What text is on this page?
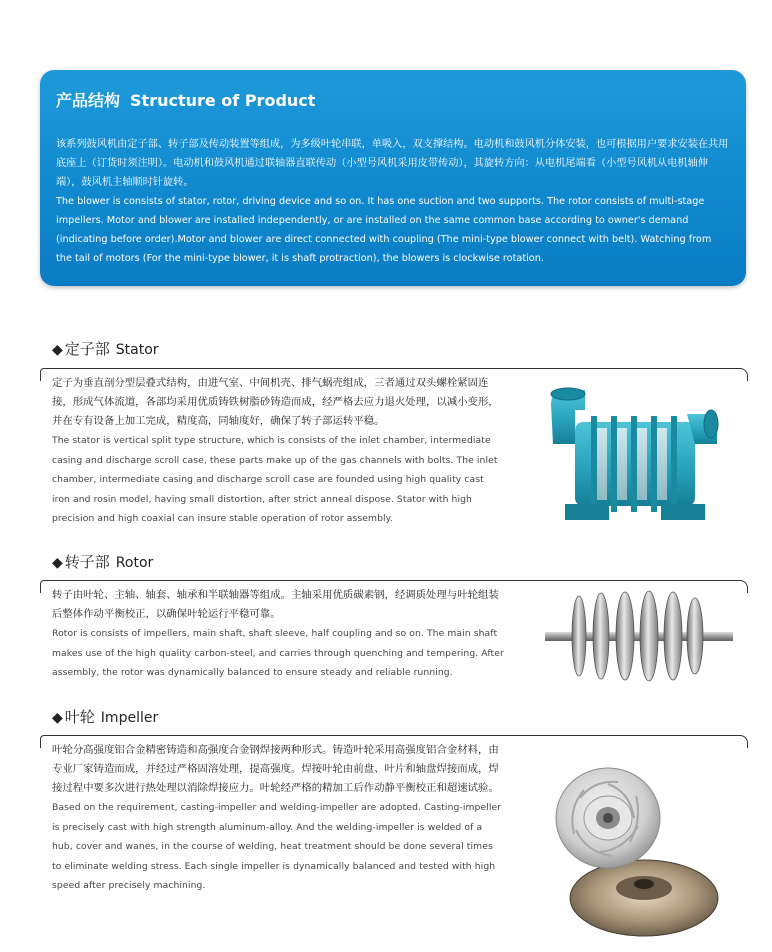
产品结构 Structure of Product

该系列鼓风机由定子部、转子部及传动装置等组成，为多级叶轮串联，单吸入，双支撑结构。电动机和鼓风机分体安装，也可根据用户要求安装在共用底座上（订货时须注明）。电动机和鼓风机通过联轴器直联传动（小型号风机采用皮带传动），其旋转方向：从电机尾端看（小型号风机从电机轴伸端），鼓风机主轴顺时针旋转。

The blower is consists of stator, rotor, driving device and so on. It has one suction and two supports. The rotor consists of multi-stage impellers. Motor and blower are installed independently, or are installed on the same common base according to owner's demand (indicating before order).Motor and blower are direct connected with coupling (The mini-type blower connect with belt). Watching from the tail of motors (For the mini-type blower, it is shaft protraction), the blowers is clockwise rotation.

◆ 定子部 Stator

定子为垂直剖分型层叠式结构，由进气室、中间机壳、排气蜗壳组成，三者通过双头螺栓紧固连接，形成气体流道，各部均采用优质铸铁树脂砂铸造而成，经严格去应力退火处理，以减小变形，并在专有设备上加工完成，精度高，同轴度好，确保了转子部运转平稳。

The stator is vertical split type structure, which is consists of the inlet chamber, intermediate casing and discharge scroll case, these parts make up of the gas channels with bolts. The inlet chamber, intermediate casing and discharge scroll case are founded using high quality cast iron and rosin model, having small distortion, after strict anneal dispose. Stator with high precision and high coaxial can insure stable operation of rotor assembly.

◆ 转子部 Rotor

转子由叶轮、主轴、轴套、轴承和半联轴器等组成。主轴采用优质碳素钢，经调质处理与叶轮组装后整体作动平衡校正，以确保叶轮运行平稳可靠。

Rotor is consists of impellers, main shaft, shaft sleeve, half coupling and so on. The main shaft makes use of the high quality carbon-steel, and carries through quenching and tempering. After assembly, the rotor was dynamically balanced to ensure steady and reliable running.

◆ 叶轮 Impeller

叶轮分高强度铝合金精密铸造和高强度合金钢焊接两种形式。铸造叶轮采用高强度铝合金材料，由专业厂家铸造而成，并经过严格固溶处理，提高强度。焊接叶轮由前盘、叶片和轴盘焊接而成，焊接过程中要多次进行热处理以消除焊接应力。叶轮经严格的精加工后作动静平衡校正和超速试验。

Based on the requirement, casting-impeller and welding-impeller are adopted. Casting-impeller is precisely cast with high strength aluminum-alloy. And the welding-impeller is welded of a hub, cover and wanes, in the course of welding, heat treatment should be done several times to eliminate welding stress. Each single impeller is dynamically balanced and tested with high speed after precisely machining.
